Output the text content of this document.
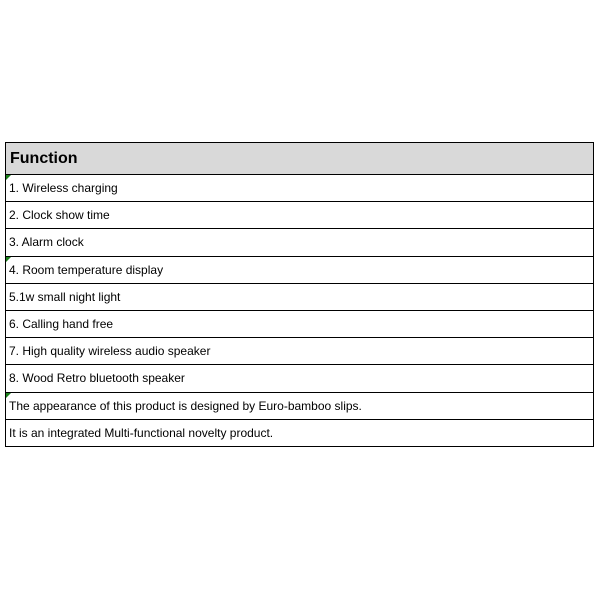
Function

1. Wireless charging
2. Clock show time
3. Alarm clock

4. Room temperature display
5.1w small night light
6. Calling hand free
7. High quality wireless audio speaker
8. Wood Retro bluetooth speaker

The appearance of this product is designed by Euro-bamboo slips.
It is an integrated Multi-functional novelty product.
